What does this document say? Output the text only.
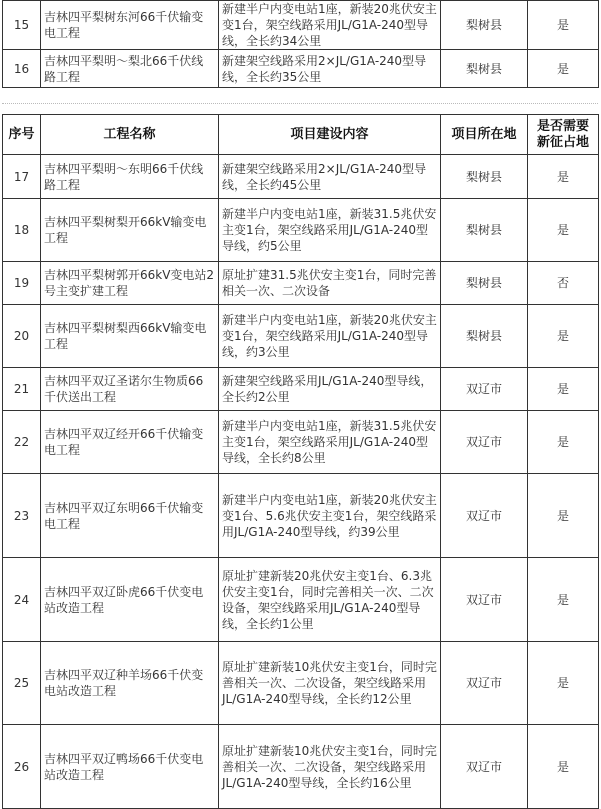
15	吉林四平梨树东河66千伏输变电工程	新建半户内变电站1座，新装20兆伏安主变1台，架空线路采用JL/G1A-240型导线，全长约34公里	梨树县	是
16	吉林四平梨明～梨北66千伏线路工程	新建架空线路采用2×JL/G1A-240型导线，全长约35公里	梨树县	是
序号	工程名称	项目建设内容	项目所在地	是否需要新征占地
17	吉林四平梨明～东明66千伏线路工程	新建架空线路采用2×JL/G1A-240型导线，全长约45公里	梨树县	是
18	吉林四平梨树梨开66kV输变电工程	新建半户内变电站1座，新装31.5兆伏安主变1台，架空线路采用JL/G1A-240型导线，约5公里	梨树县	是
19	吉林四平梨树郭开66kV变电站2号主变扩建工程	原址扩建31.5兆伏安主变1台，同时完善相关一次、二次设备	梨树县	否
20	吉林四平梨树梨西66kV输变电工程	新建半户内变电站1座，新装20兆伏安主变1台，架空线路采用JL/G1A-240型导线，约3公里	梨树县	是
21	吉林四平双辽圣诺尔生物质66千伏送出工程	新建架空线路采用JL/G1A-240型导线，全长约2公里	双辽市	是
22	吉林四平双辽经开66千伏输变电工程	新建半户内变电站1座，新装31.5兆伏安主变1台，架空线路采用JL/G1A-240型导线，全长约8公里	双辽市	是
23	吉林四平双辽东明66千伏输变电工程	新建半户内变电站1座，新装20兆伏安主变1台、5.6兆伏安主变1台，架空线路采用JL/G1A-240型导线，约39公里	双辽市	是
24	吉林四平双辽卧虎66千伏变电站改造工程	原址扩建新装20兆伏安主变1台、6.3兆伏安主变1台，同时完善相关一次、二次设备，架空线路采用JL/G1A-240型导线，全长约1公里	双辽市	是
25	吉林四平双辽种羊场66千伏变电站改造工程	原址扩建新装10兆伏安主变1台，同时完善相关一次、二次设备，架空线路采用JL/G1A-240型导线，全长约12公里	双辽市	是
26	吉林四平双辽鸭场66千伏变电站改造工程	原址扩建新装10兆伏安主变1台，同时完善相关一次、二次设备，架空线路采用JL/G1A-240型导线，全长约16公里	双辽市	是
